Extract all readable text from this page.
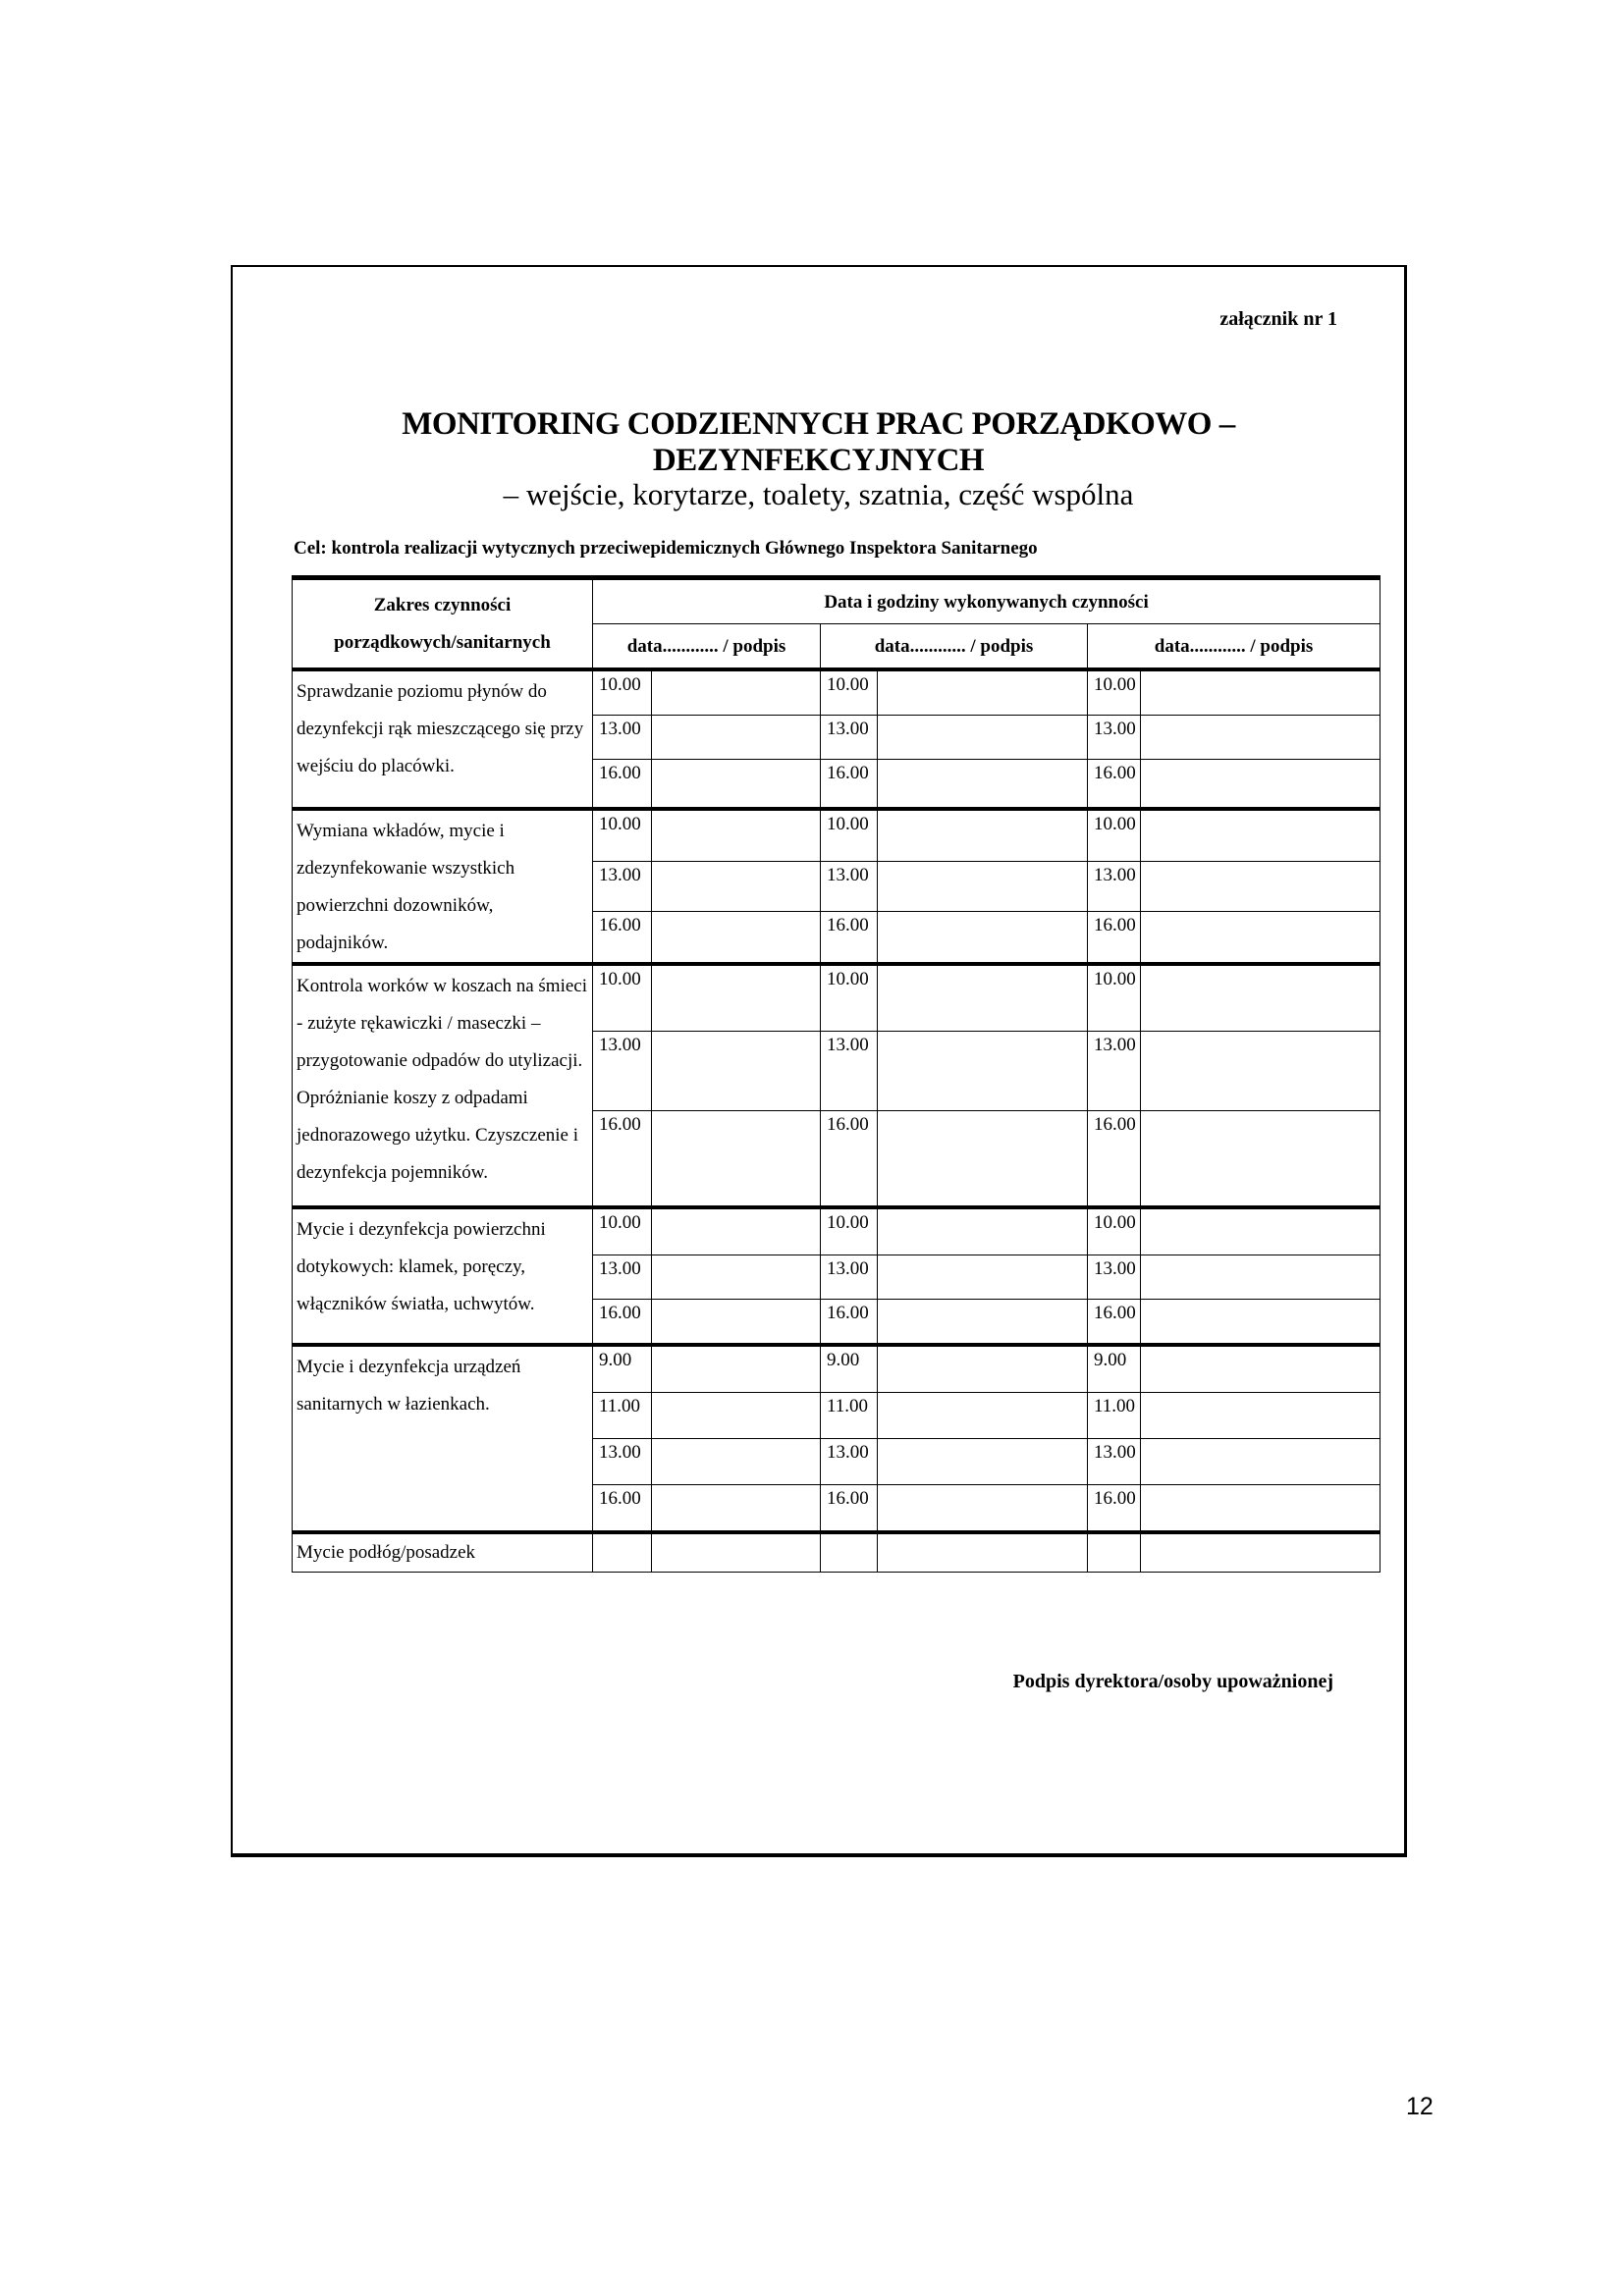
załącznik nr 1
MONITORING CODZIENNYCH PRAC PORZĄDKOWO – DEZYNFEKCYJNYCH
– wejście, korytarze, toalety, szatnia, część wspólna
Cel: kontrola realizacji wytycznych przeciwepidemicznych Głównego Inspektora Sanitarnego
Zakres czynności porządkowych/sanitarnych	Data i godziny wykonywanych czynności					
	data............ / podpis		data............ / podpis		data............ / podpis	
Sprawdzanie poziomu płynów do dezynfekcji rąk mieszczącego się przy wejściu do placówki.	10.00		10.00		10.00	
	13.00		13.00		13.00	
	16.00		16.00		16.00	
Wymiana wkładów, mycie i zdezynfekowanie wszystkich powierzchni dozowników, podajników.	10.00		10.00		10.00	
	13.00		13.00		13.00	
	16.00		16.00		16.00	
Kontrola worków w koszach na śmieci - zużyte rękawiczki / maseczki – przygotowanie odpadów do utylizacji. Opróżnianie koszy z odpadami jednorazowego użytku. Czyszczenie i dezynfekcja pojemników.	10.00		10.00		10.00	
	13.00		13.00		13.00	
	16.00		16.00		16.00	
Mycie i dezynfekcja powierzchni dotykowych: klamek, poręczy, włączników światła, uchwytów.	10.00		10.00		10.00	
	13.00		13.00		13.00	
	16.00		16.00		16.00	
Mycie i dezynfekcja urządzeń sanitarnych w łazienkach.	9.00		9.00		9.00	
	11.00		11.00		11.00	
	13.00		13.00		13.00	
	16.00		16.00		16.00	
Mycie podłóg/posadzek						
Podpis dyrektora/osoby upoważnionej
12
